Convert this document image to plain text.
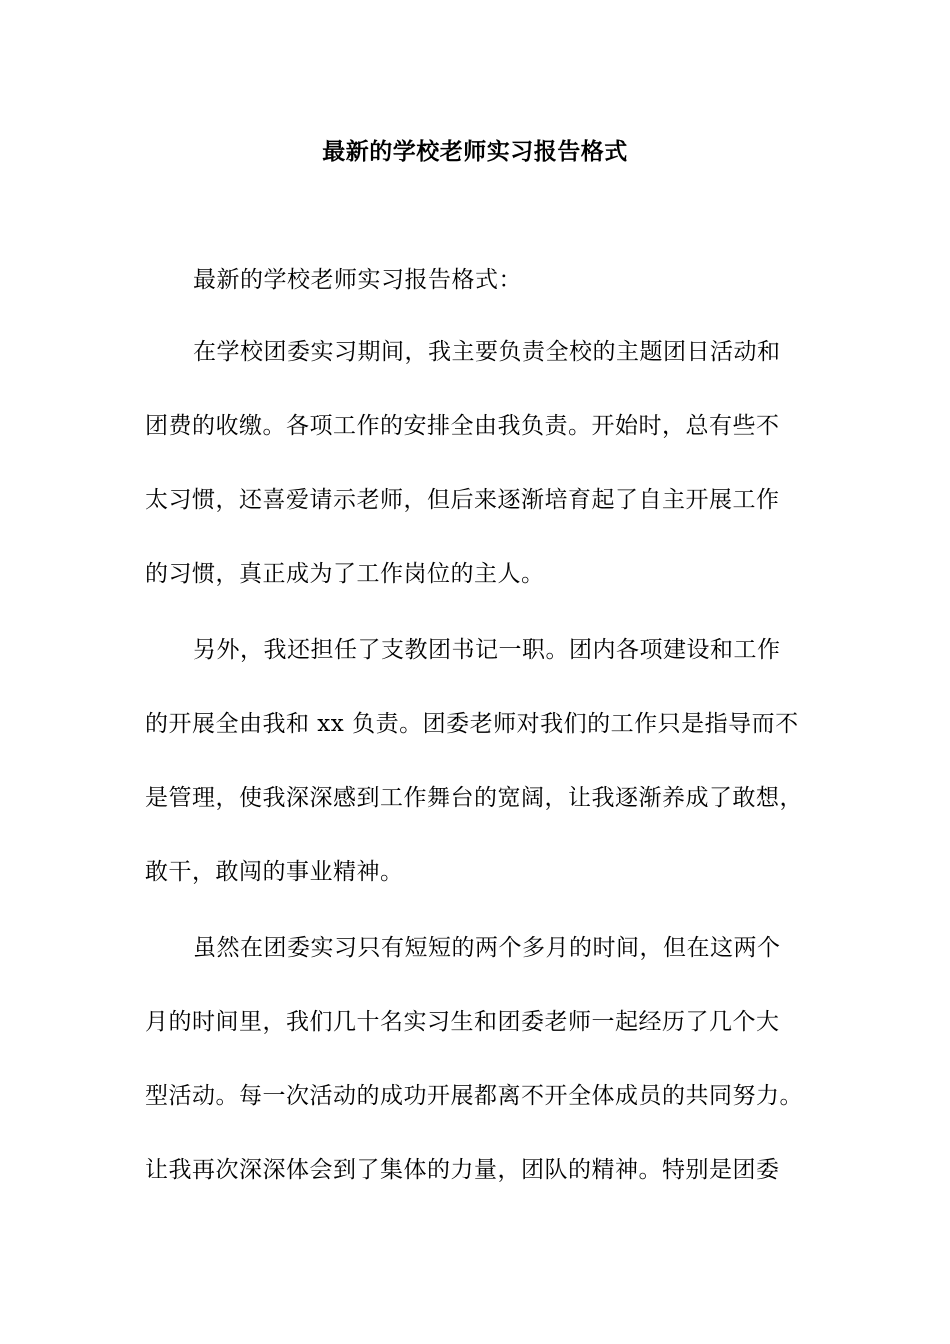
最新的学校老师实习报告格式
最新的学校老师实习报告格式：
在学校团委实习期间，我主要负责全校的主题团日活动和
团费的收缴。各项工作的安排全由我负责。开始时，总有些不
太习惯，还喜爱请示老师，但后来逐渐培育起了自主开展工作
的习惯，真正成为了工作岗位的主人。
另外，我还担任了支教团书记一职。团内各项建设和工作
的开展全由我和 xx 负责。团委老师对我们的工作只是指导而不
是管理，使我深深感到工作舞台的宽阔，让我逐渐养成了敢想，
敢干，敢闯的事业精神。
虽然在团委实习只有短短的两个多月的时间，但在这两个
月的时间里，我们几十名实习生和团委老师一起经历了几个大
型活动。每一次活动的成功开展都离不开全体成员的共同努力。
让我再次深深体会到了集体的力量，团队的精神。特别是团委
